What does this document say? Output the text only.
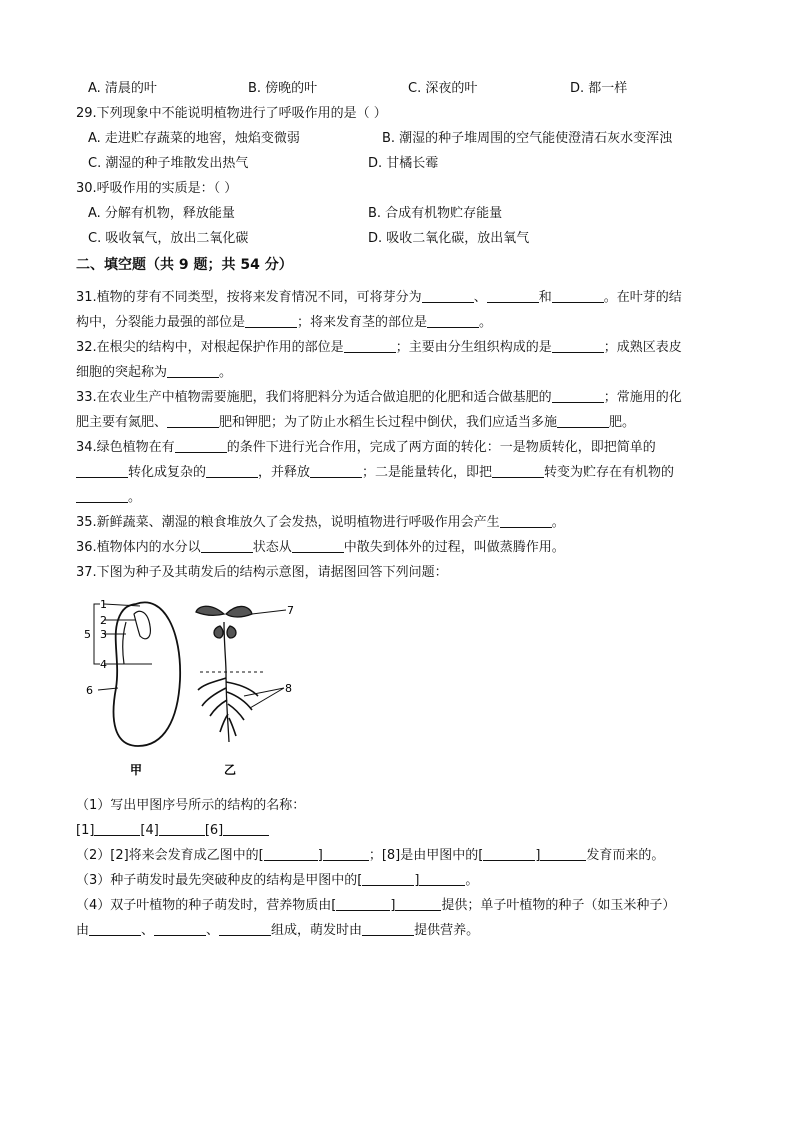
A. 清晨的叶	B. 傍晚的叶	C. 深夜的叶	D. 都一样
29.下列现象中不能说明植物进行了呼吸作用的是（ ）
A. 走进贮存蔬菜的地窖，烛焰变微弱	B. 潮湿的种子堆周围的空气能使澄清石灰水变浑浊
C. 潮湿的种子堆散发出热气	D. 甘橘长霉
30.呼吸作用的实质是：（ ）
A. 分解有机物，释放能量	B. 合成有机物贮存能量
C. 吸收氧气，放出二氧化碳	D. 吸收二氧化碳，放出氧气
二、填空题（共 9 题；共 54 分）
31.植物的芽有不同类型，按将来发育情况不同，可将芽分为	、	和	。在叶芽的结
构中，分裂能力最强的部位是	；将来发育茎的部位是	。
32.在根尖的结构中，对根起保护作用的部位是	；主要由分生组织构成的是	；成熟区表皮
细胞的突起称为	。
33.在农业生产中植物需要施肥，我们将肥料分为适合做追肥的化肥和适合做基肥的	；常施用的化
肥主要有氮肥、	肥和钾肥；为了防止水稻生长过程中倒伏，我们应适当多施	肥。
34.绿色植物在有	的条件下进行光合作用，完成了两方面的转化：一是物质转化，即把简单的
转化成复杂的	，并释放	；二是能量转化，即把	转变为贮存在有机物的
。
35.新鲜蔬菜、潮湿的粮食堆放久了会发热，说明植物进行呼吸作用会产生	。
36.植物体内的水分以	状态从	中散失到体外的过程，叫做蒸腾作用。
37.下图为种子及其萌发后的结构示意图，请据图回答下列问题：
1
2
3
4
5
6
7
8
甲	乙
（1）写出甲图序号所示的结构的名称：
[1]	[4]	[6]
（2）[2]将来会发育成乙图中的[	]	；[8]是由甲图中的[	]	发育而来的。
（3）种子萌发时最先突破种皮的结构是甲图中的[	]	。
（4）双子叶植物的种子萌发时，营养物质由[	]	提供；单子叶植物的种子（如玉米种子）
由	、	、	组成，萌发时由	提供营养。
